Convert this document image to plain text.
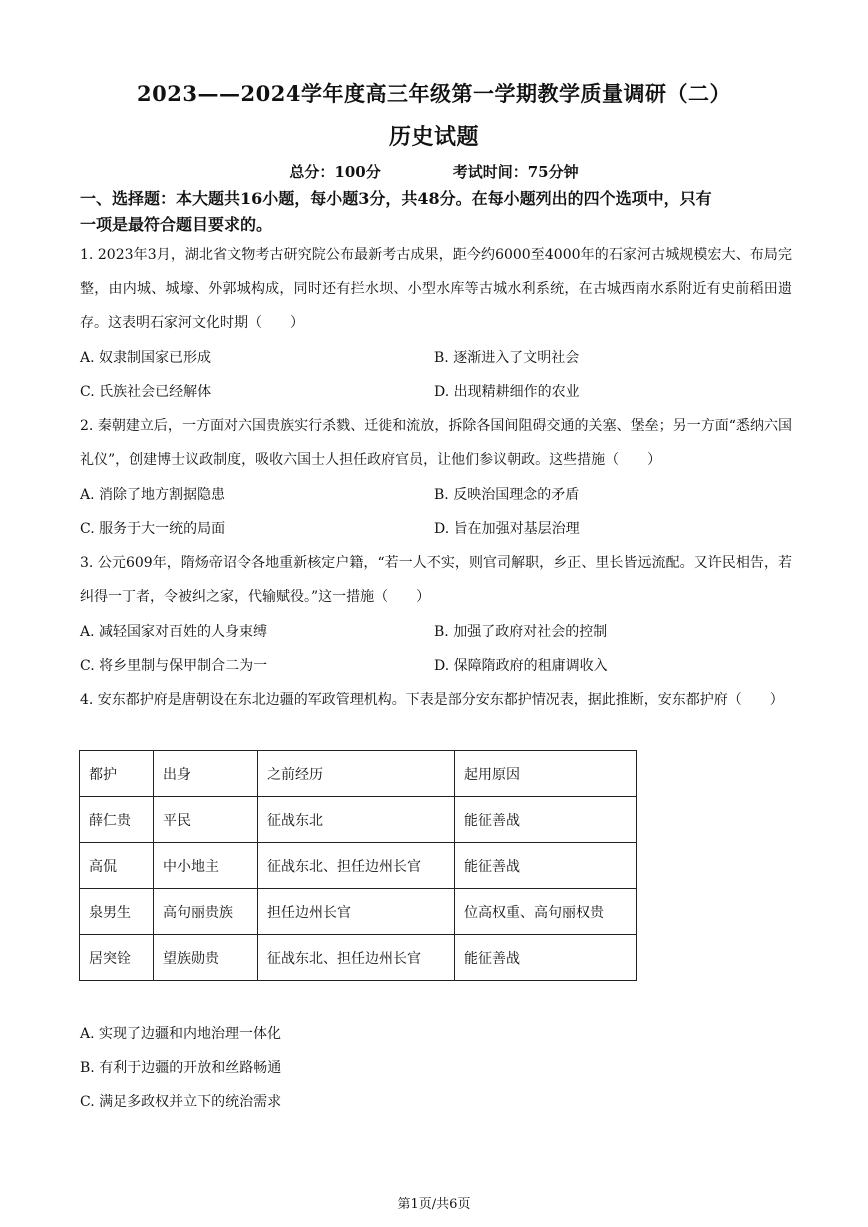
2023——2024学年度高三年级第一学期教学质量调研（二）
历史试题
总分：100分	考试时间：75分钟
一、选择题：本大题共16小题，每小题3分，共48分。在每小题列出的四个选项中，只有
一项是最符合题目要求的。
1. 2023年3月，湖北省文物考古研究院公布最新考古成果，距今约6000至4000年的石家河古城规模宏大、布局完整，由内城、城壕、外郭城构成，同时还有拦水坝、小型水库等古城水利系统，在古城西南水系附近有史前稻田遗存。这表明石家河文化时期（　　）
A. 奴隶制国家已形成	B. 逐渐进入了文明社会
C. 氏族社会已经解体	D. 出现精耕细作的农业
2. 秦朝建立后，一方面对六国贵族实行杀戮、迁徙和流放，拆除各国间阻碍交通的关塞、堡垒；另一方面“悉纳六国礼仪”，创建博士议政制度，吸收六国士人担任政府官员，让他们参议朝政。这些措施（　　）
A. 消除了地方割据隐患	B. 反映治国理念的矛盾
C. 服务于大一统的局面	D. 旨在加强对基层治理
3. 公元609年，隋炀帝诏令各地重新核定户籍，“若一人不实，则官司解职，乡正、里长皆远流配。又许民相告，若纠得一丁者，令被纠之家，代输赋役。”这一措施（　　）
A. 减轻国家对百姓的人身束缚	B. 加强了政府对社会的控制
C. 将乡里制与保甲制合二为一	D. 保障隋政府的租庸调收入
4. 安东都护府是唐朝设在东北边疆的军政管理机构。下表是部分安东都护情况表，据此推断，安东都护府（　　）
都护	出身	之前经历	起用原因
薛仁贵	平民	征战东北	能征善战
高侃	中小地主	征战东北、担任边州长官	能征善战
泉男生	高句丽贵族	担任边州长官	位高权重、高句丽权贵
居突铨	望族勋贵	征战东北、担任边州长官	能征善战
A. 实现了边疆和内地治理一体化
B. 有利于边疆的开放和丝路畅通
C. 满足多政权并立下的统治需求
第1页/共6页
